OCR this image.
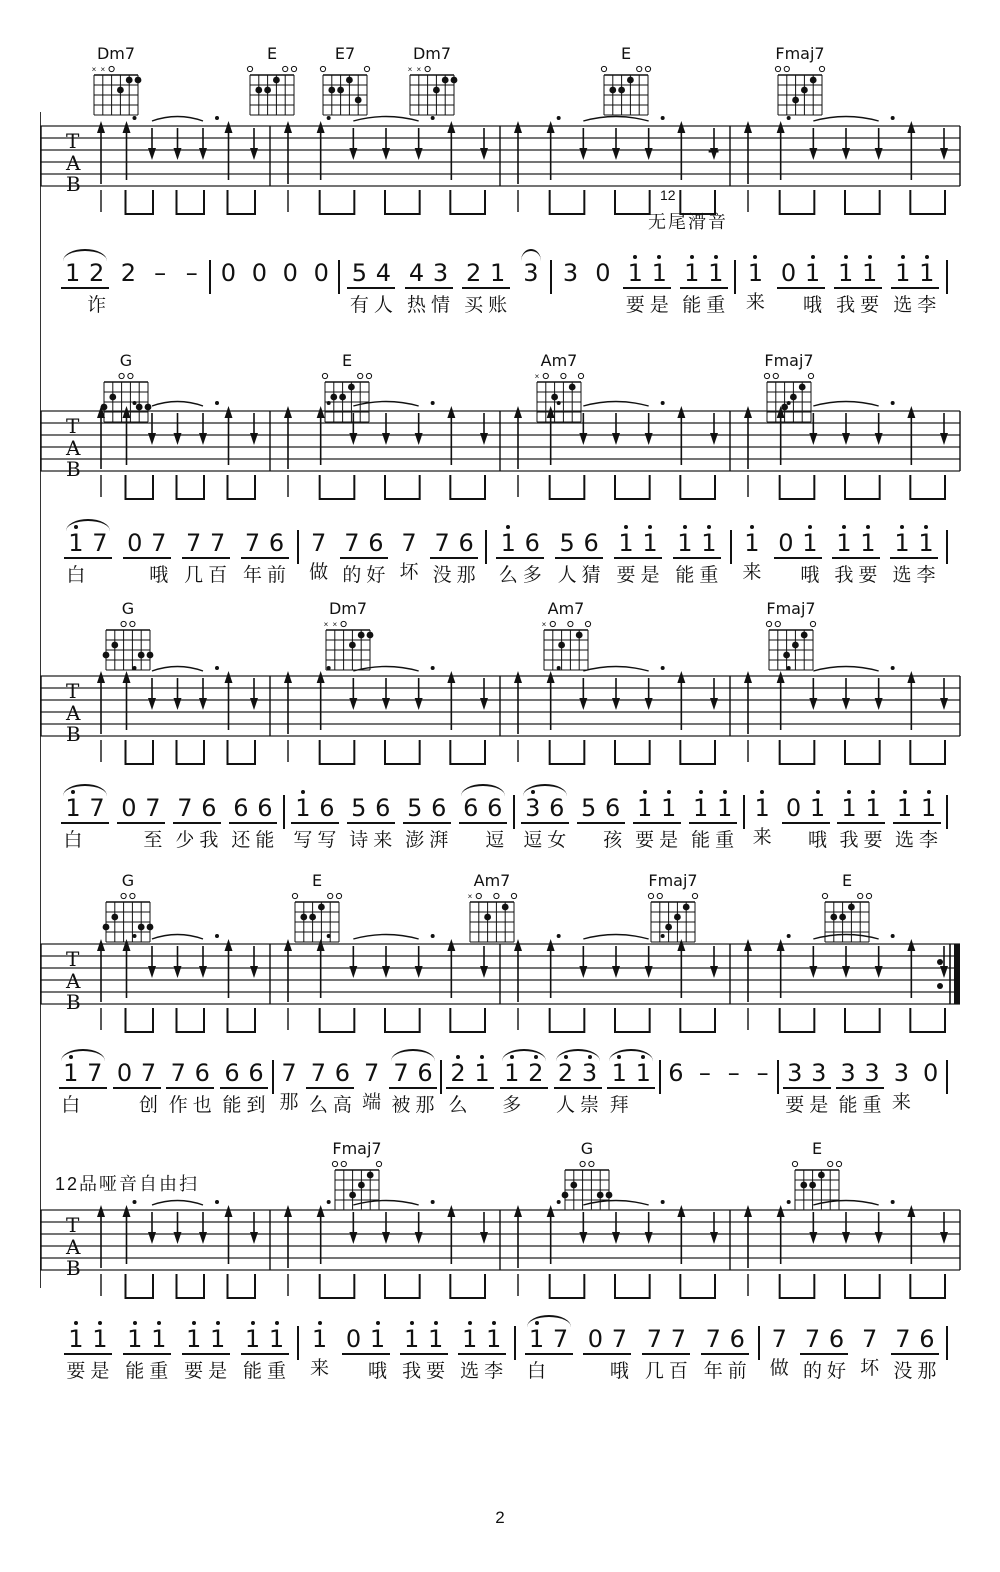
Dm7
× ×
E	E7	Dm7
× ×
E	Fmaj7
T
A
B
–
12
无尾滑音
1 2
诈
2 – – 0 0 0 0 5 4
有 人
4 3
热 情
2 1
买 账
3 3 0 1 1
要 是
1 1
能 重
1
来
0 1
哦
1 1
我 要
1 1
选 李
G	E	Am7
×
Fmaj7
T
A
B
1 7
白
0 7
哦
7 7
几 百
7 6
年 前
7
做
7 6
的 好
7
坏
7 6
没 那
1 6
么 多
5 6
人 猜
1 1
要 是
1 1
能 重
1
来
0 1
哦
1 1
我 要
1 1
选 李
G	Dm7
× ×
Am7
×
Fmaj7
T
A
B
1 7
白
0 7
至
7 6
少 我
6 6
还 能
1 6
写 写
5 6
诗 来
5 6
澎 湃
6 6
逗
3 6
逗 女
5 6
孩
1 1
要 是
1 1
能 重
1
来
0 1
哦
1 1
我 要
1 1
选 李
G	E	Am7
×
Fmaj7	E
T
A
B
1 7
白
0 7
创
7 6
作 也
6 6
能 到
7
那
7 6
么 高
7
端
7 6
被 那
2 1
么
1 2
多
2 3
人 崇
1 1
拜
6 – – – 3 3
要 是
3 3
能 重
3
来
0
Fmaj7	G	E
T
A
B
12品哑音自由扫
1 1
要 是
1 1
能 重
1 1
要 是
1 1
能 重
1
来
0 1
哦
1 1
我 要
1 1
选 李
1 7
白
0 7
哦
7 7
几 百
7 6
年 前
7
做
7 6
的 好
7
坏
7 6
没 那
2
